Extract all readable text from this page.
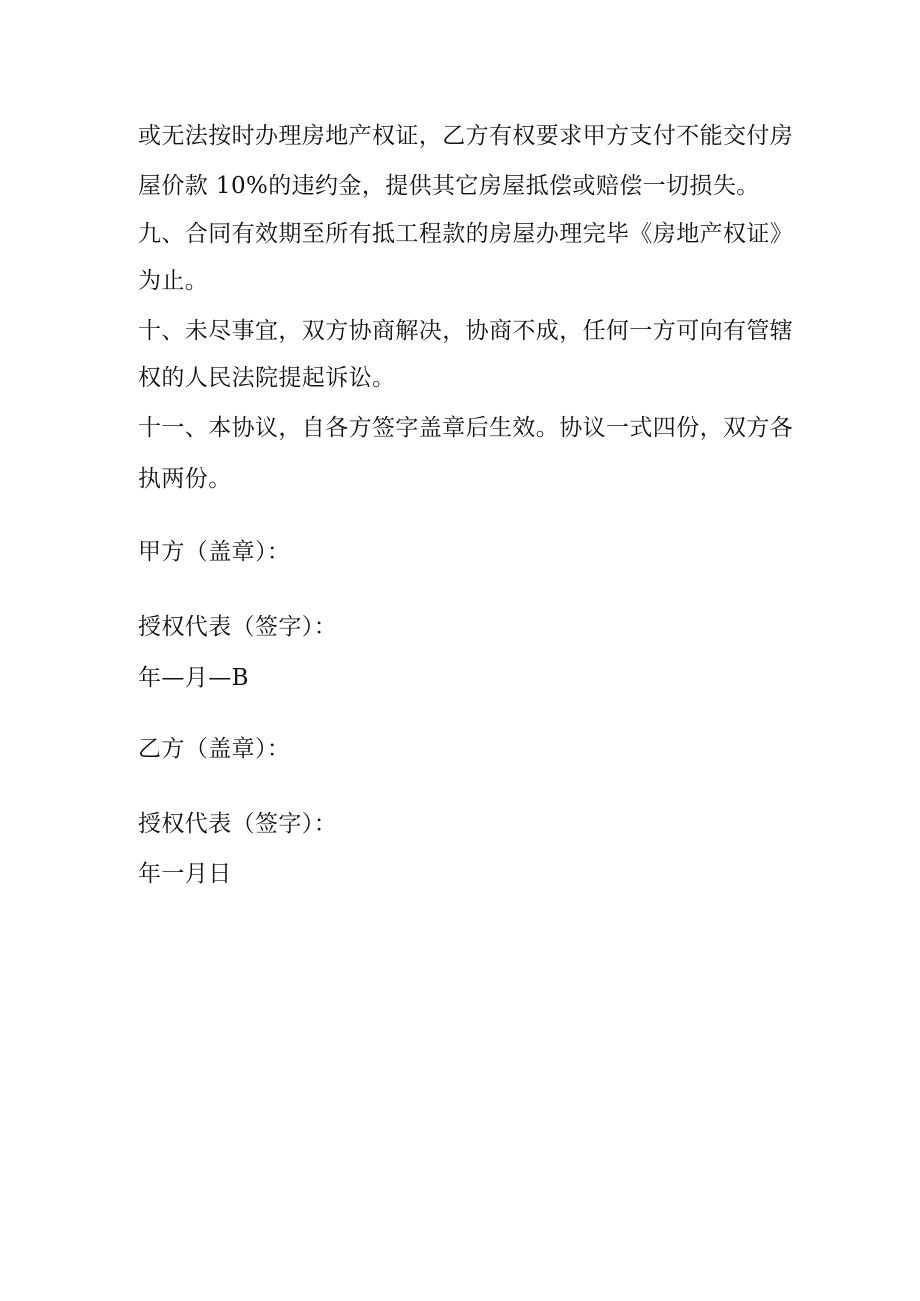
或无法按时办理房地产权证，乙方有权要求甲方支付不能交付房

屋价款 10%的违约金，提供其它房屋抵偿或赔偿一切损失。

九、合同有效期至所有抵工程款的房屋办理完毕《房地产权证》

为止。

十、未尽事宜，双方协商解决，协商不成，任何一方可向有管辖

权的人民法院提起诉讼。

十一、本协议，自各方签字盖章后生效。协议一式四份，双方各

执两份。

甲方（盖章）：

授权代表（签字）：

年—月—B

乙方（盖章）：

授权代表（签字）：

年一月日
